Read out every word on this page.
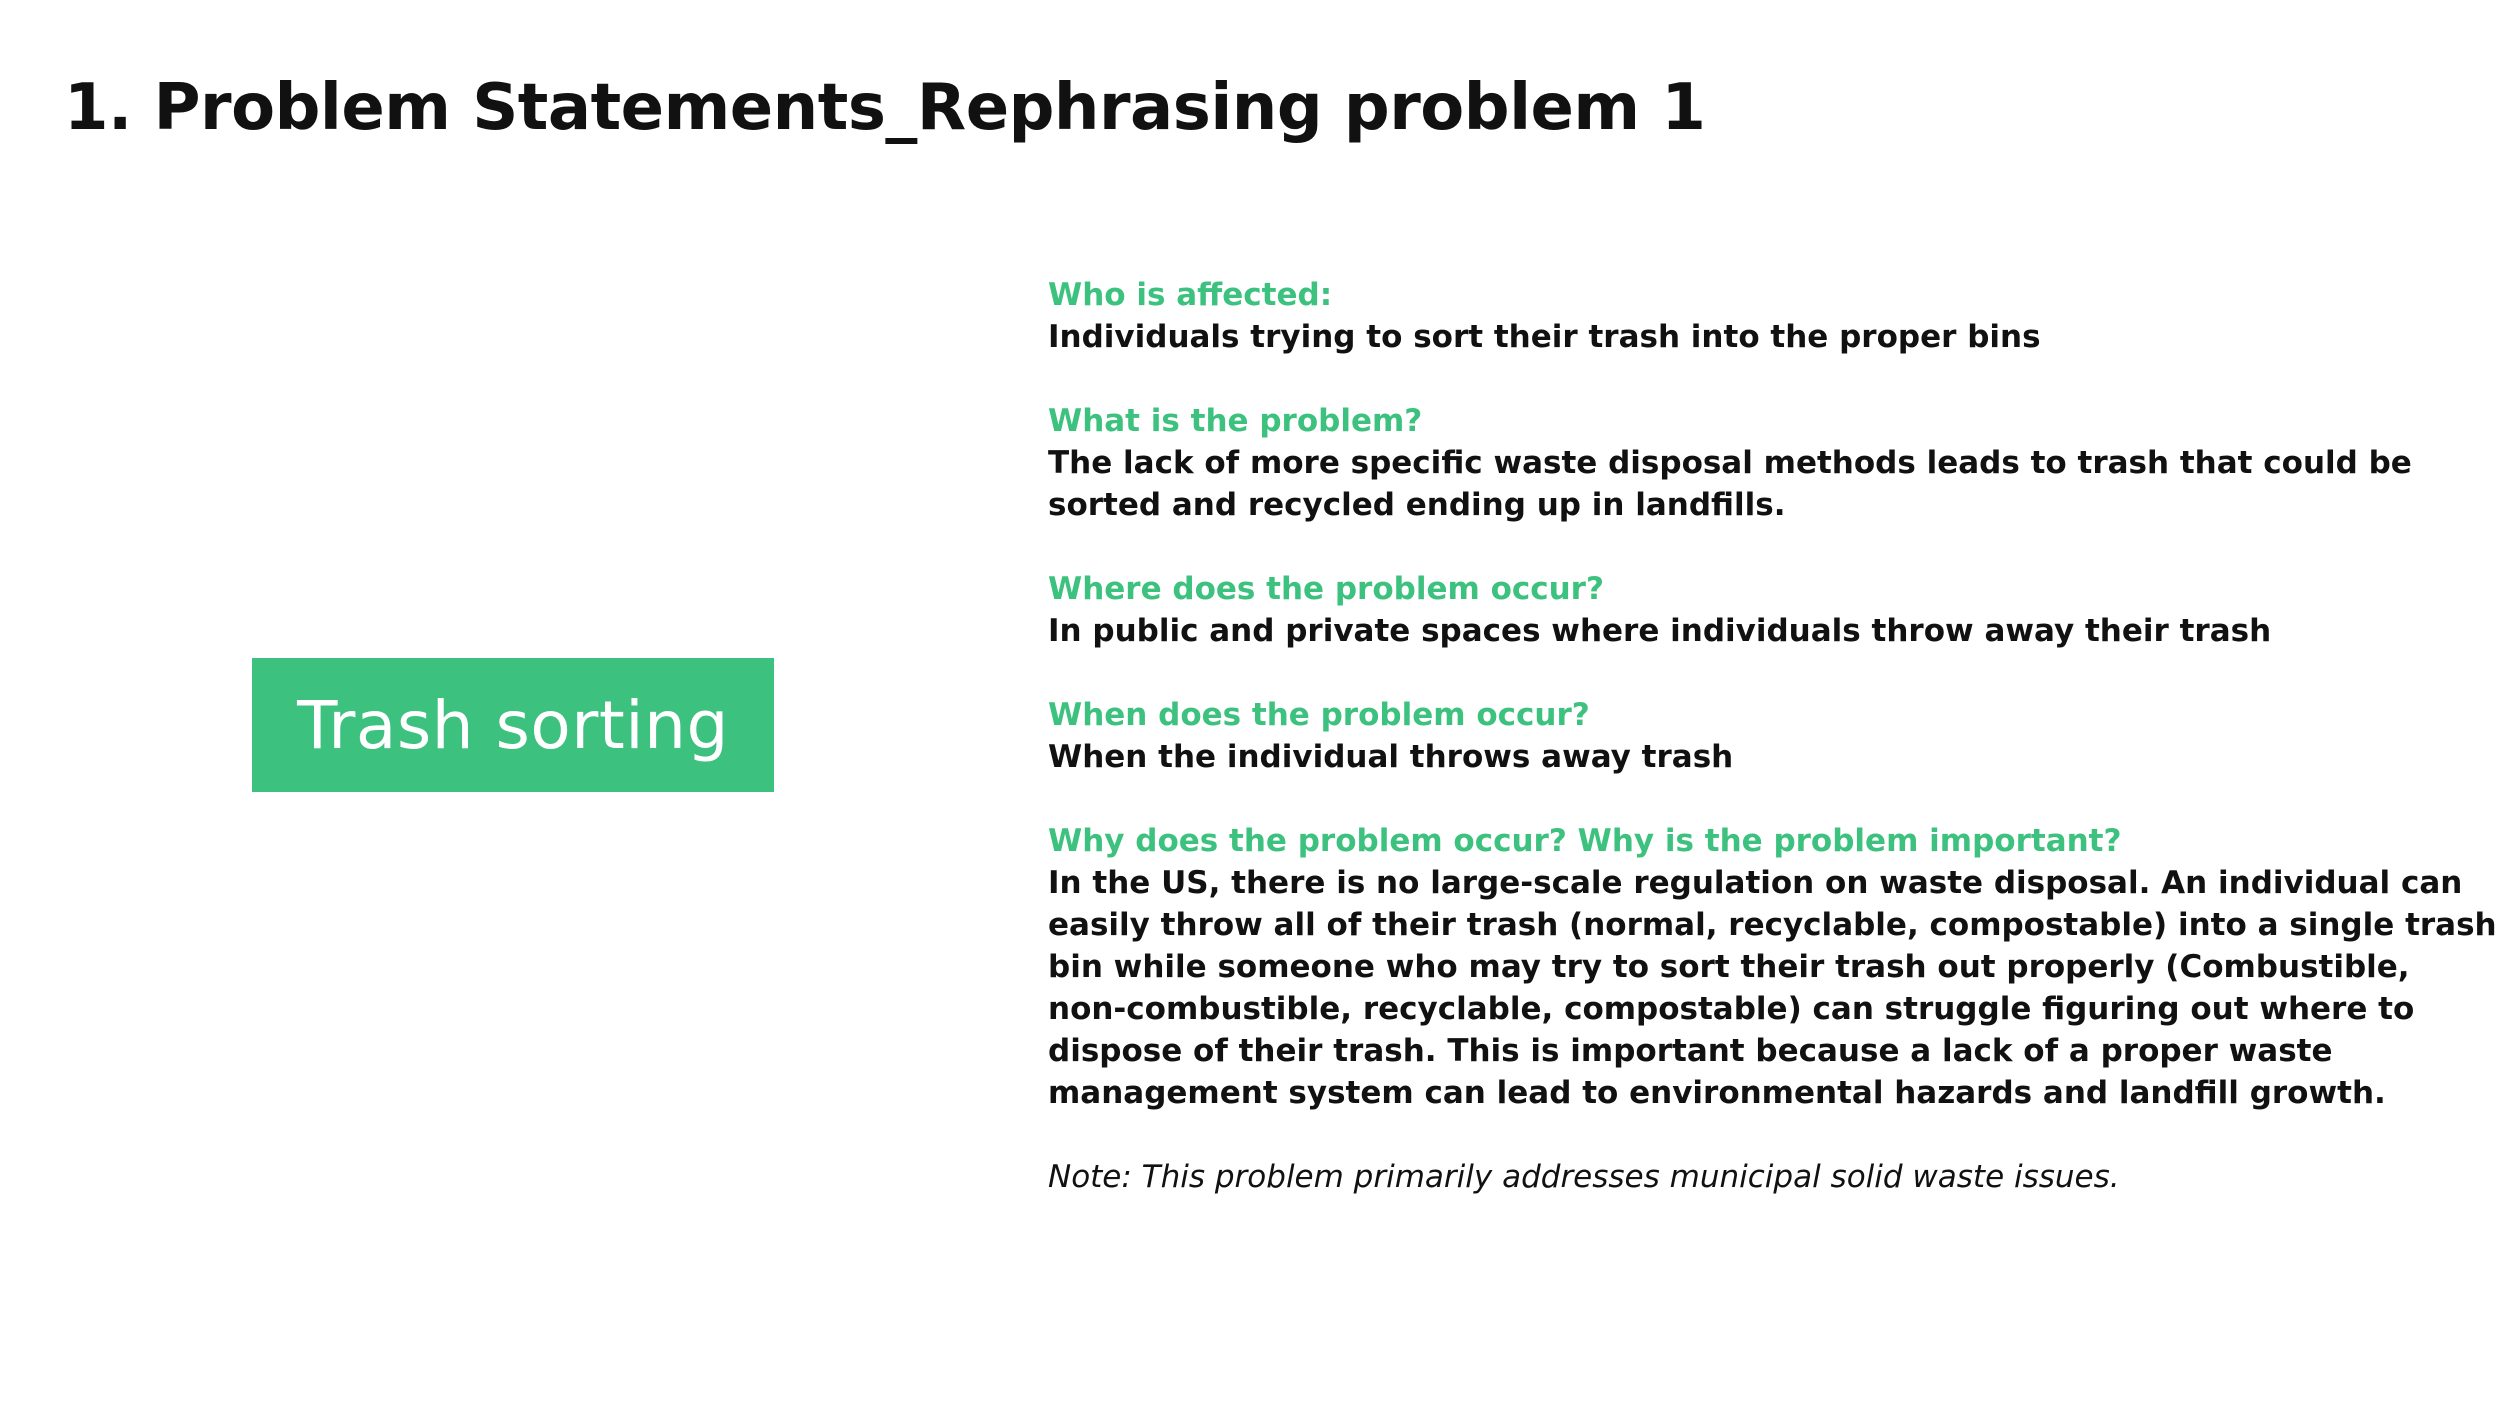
1. Problem Statements_Rephrasing problem 1
Trash sorting
Who is affected:
Individuals trying to sort their trash into the proper bins
What is the problem?
The lack of more specific waste disposal methods leads to trash that could be
sorted and recycled ending up in landfills.
Where does the problem occur?
In public and private spaces where individuals throw away their trash
When does the problem occur?
When the individual throws away trash
Why does the problem occur? Why is the problem important?
In the US, there is no large-scale regulation on waste disposal. An individual can
easily throw all of their trash (normal, recyclable, compostable) into a single trash
bin while someone who may try to sort their trash out properly (Combustible,
non-combustible, recyclable, compostable) can struggle figuring out where to
dispose of their trash. This is important because a lack of a proper waste
management system can lead to environmental hazards and landfill growth.
Note: This problem primarily addresses municipal solid waste issues.
